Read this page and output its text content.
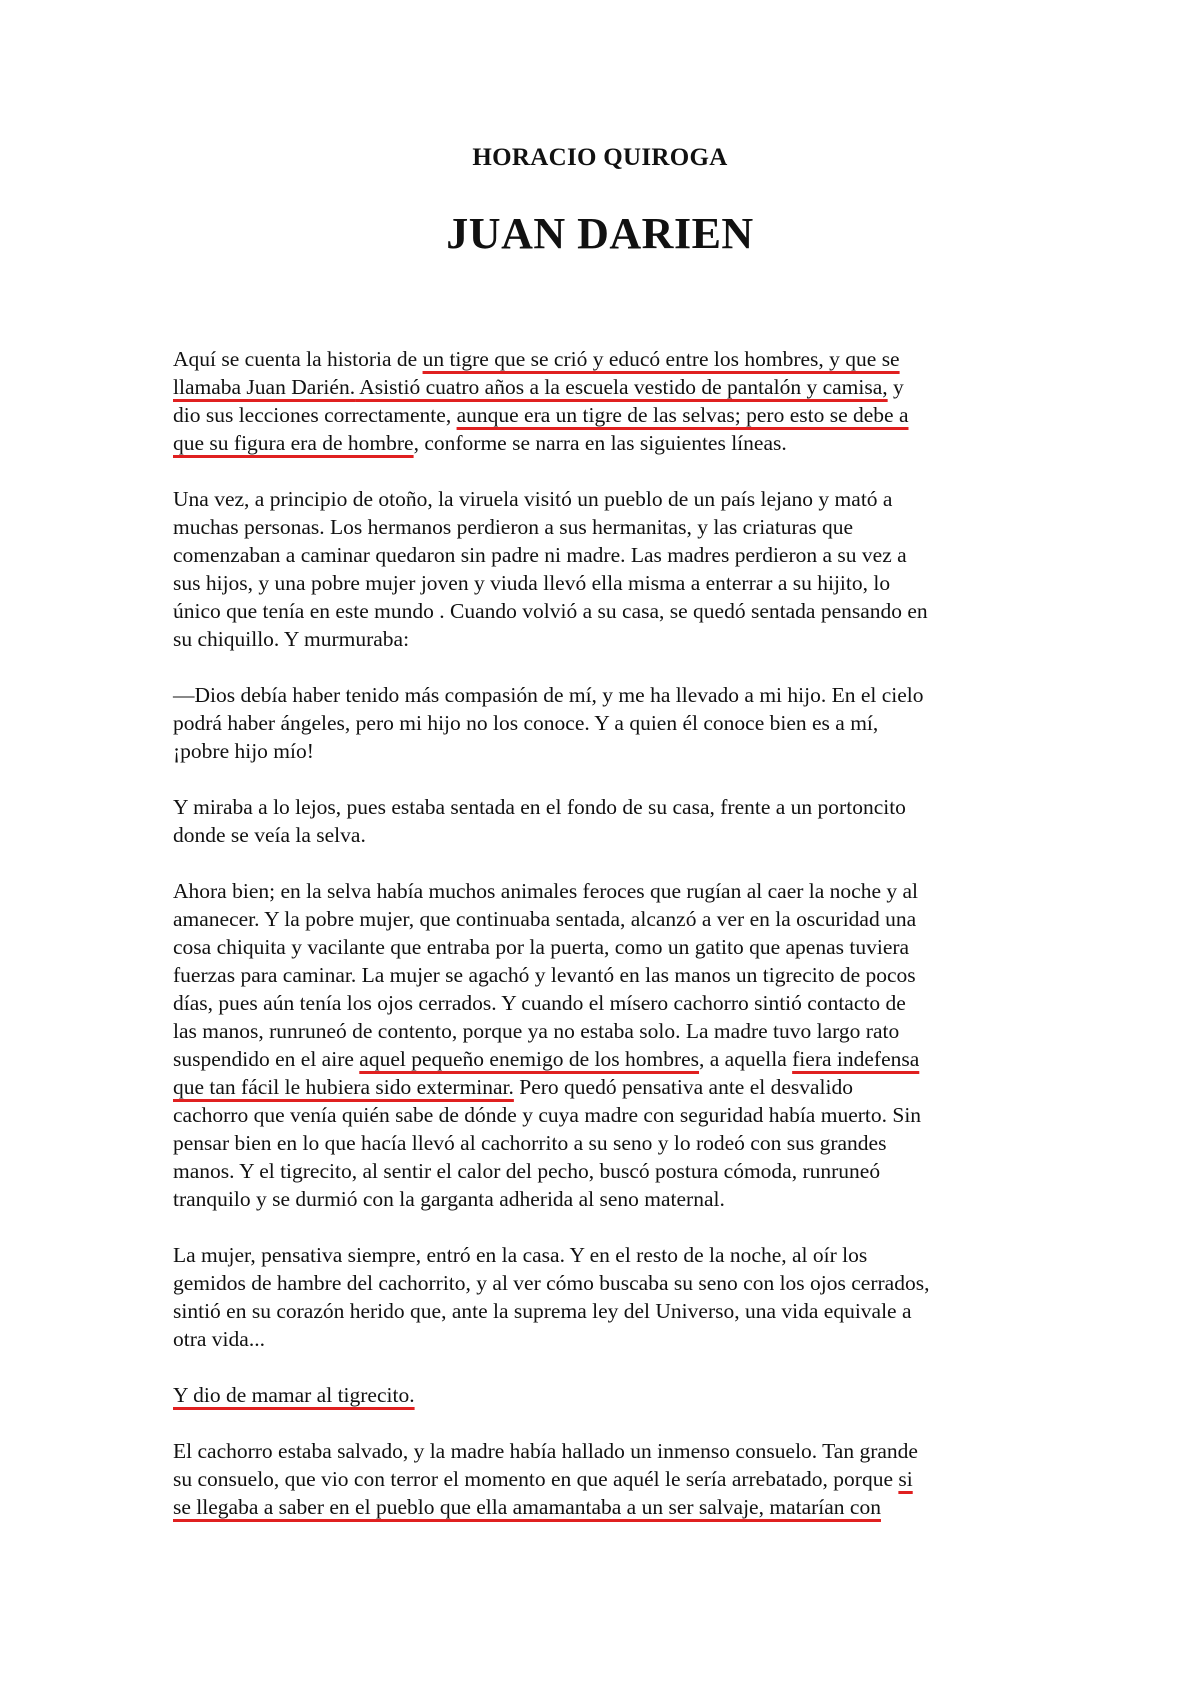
HORACIO QUIROGA
JUAN DARIEN
Aquí se cuenta la historia de un tigre que se crió y educó entre los hombres, y que se
llamaba Juan Darién. Asistió cuatro años a la escuela vestido de pantalón y camisa, y
dio sus lecciones correctamente, aunque era un tigre de las selvas; pero esto se debe a
que su figura era de hombre, conforme se narra en las siguientes líneas.
Una vez, a principio de otoño, la viruela visitó un pueblo de un país lejano y mató a
muchas personas. Los hermanos perdieron a sus hermanitas, y las criaturas que
comenzaban a caminar quedaron sin padre ni madre. Las madres perdieron a su vez a
sus hijos, y una pobre mujer joven y viuda llevó ella misma a enterrar a su hijito, lo
único que tenía en este mundo . Cuando volvió a su casa, se quedó sentada pensando en
su chiquillo. Y murmuraba:
—Dios debía haber tenido más compasión de mí, y me ha llevado a mi hijo. En el cielo
podrá haber ángeles, pero mi hijo no los conoce. Y a quien él conoce bien es a mí,
¡pobre hijo mío!
Y miraba a lo lejos, pues estaba sentada en el fondo de su casa, frente a un portoncito
donde se veía la selva.
Ahora bien; en la selva había muchos animales feroces que rugían al caer la noche y al
amanecer. Y la pobre mujer, que continuaba sentada, alcanzó a ver en la oscuridad una
cosa chiquita y vacilante que entraba por la puerta, como un gatito que apenas tuviera
fuerzas para caminar. La mujer se agachó y levantó en las manos un tigrecito de pocos
días, pues aún tenía los ojos cerrados. Y cuando el mísero cachorro sintió contacto de
las manos, runruneó de contento, porque ya no estaba solo. La madre tuvo largo rato
suspendido en el aire aquel pequeño enemigo de los hombres, a aquella fiera indefensa
que tan fácil le hubiera sido exterminar. Pero quedó pensativa ante el desvalido
cachorro que venía quién sabe de dónde y cuya madre con seguridad había muerto. Sin
pensar bien en lo que hacía llevó al cachorrito a su seno y lo rodeó con sus grandes
manos. Y el tigrecito, al sentir el calor del pecho, buscó postura cómoda, runruneó
tranquilo y se durmió con la garganta adherida al seno maternal.
La mujer, pensativa siempre, entró en la casa. Y en el resto de la noche, al oír los
gemidos de hambre del cachorrito, y al ver cómo buscaba su seno con los ojos cerrados,
sintió en su corazón herido que, ante la suprema ley del Universo, una vida equivale a
otra vida...
Y dio de mamar al tigrecito.
El cachorro estaba salvado, y la madre había hallado un inmenso consuelo. Tan grande
su consuelo, que vio con terror el momento en que aquél le sería arrebatado, porque si
se llegaba a saber en el pueblo que ella amamantaba a un ser salvaje, matarían con
